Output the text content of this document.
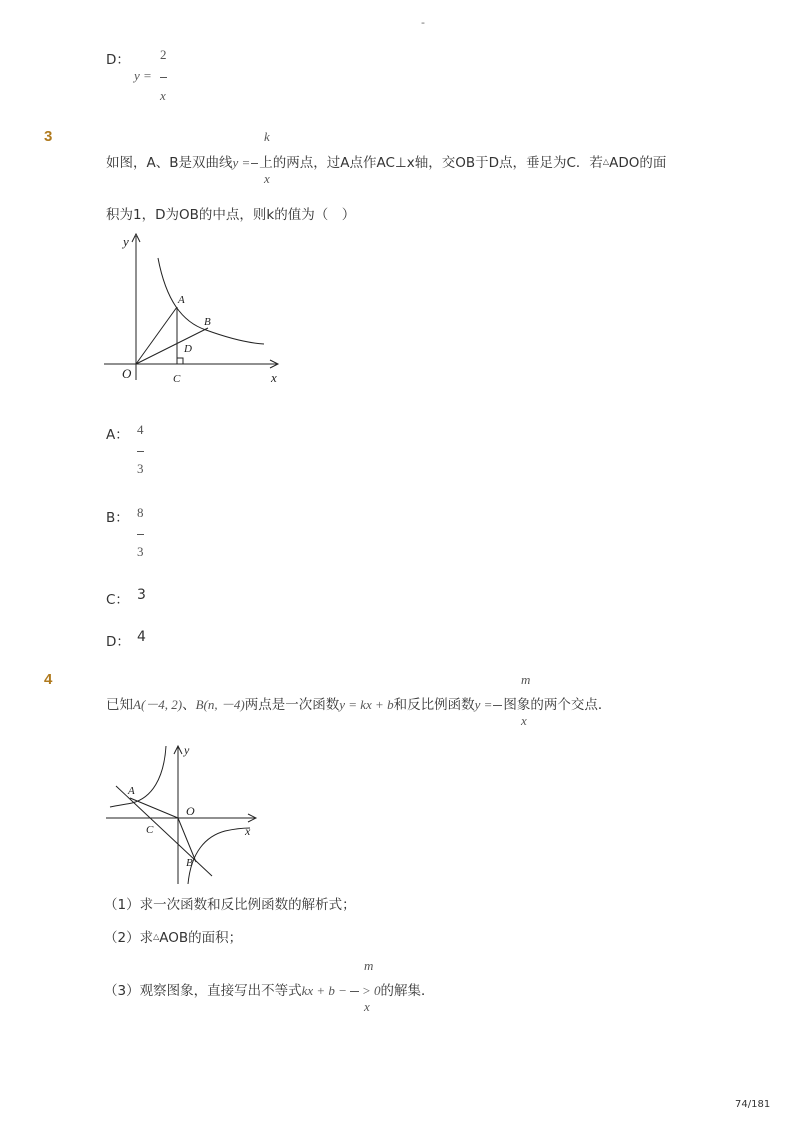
-
D： 2
y =
x
3	k
如图，A、B是双曲线y = 上的两点，过A点作AC⊥x轴，交OB于D点，垂足为C．若△ADO的面
x
积为1，D为OB的中点，则k的值为（　）
y
x
O
A
B
C
D
A： 4
3
B： 8
3
C： 3
D： 4
4	m
已知A(－4, 2)、B(n, －4)两点是一次函数y = kx + b和反比例函数y = 图象的两个交点．
x
y
x
O
A
B
C
（1）求一次函数和反比例函数的解析式；
（2）求△AOB的面积；
m
（3）观察图象，直接写出不等式kx + b − > 0的解集．
x
74/181
